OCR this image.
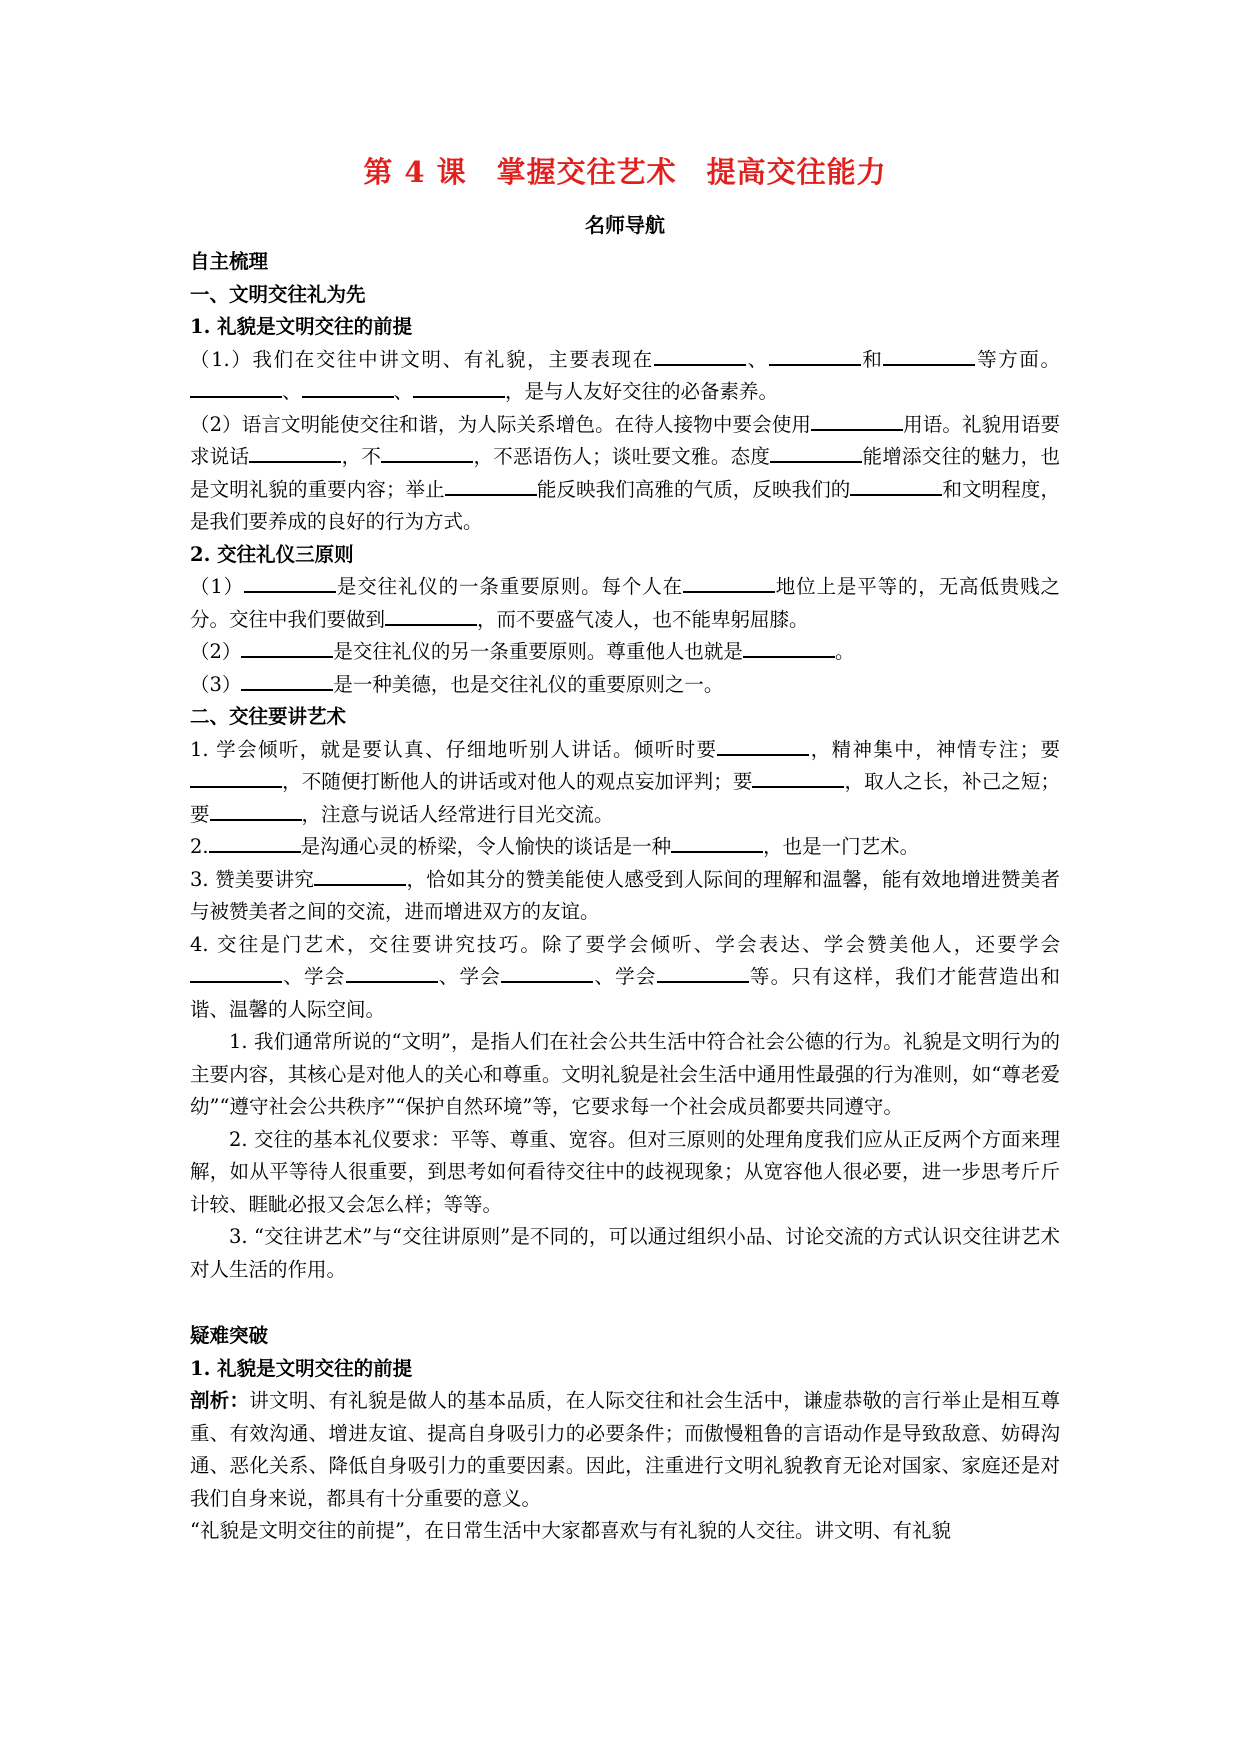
第 4 课　掌握交往艺术　提高交往能力
名师导航
自主梳理
一、文明交往礼为先
1. 礼貌是文明交往的前提

（1.）我们在交往中讲文明、有礼貌，主要表现在	、	和	等方面。、	、	，是与人友好交往的必备素养。

（2）语言文明能使交往和谐，为人际关系增色。在待人接物中要会使用	用语。礼貌用语要求说话	，不	，不恶语伤人；谈吐要文雅。态度	能增添交往的魅力，也是文明礼貌的重要内容；举止	能反映我们高雅的气质，反映我们的	和文明程度，是我们要养成的良好的行为方式。

2. 交往礼仪三原则

（1）	是交往礼仪的一条重要原则。每个人在	地位上是平等的，无高低贵贱之分。交往中我们要做到	，而不要盛气凌人，也不能卑躬屈膝。

（2）	是交往礼仪的另一条重要原则。尊重他人也就是	。

（3）	是一种美德，也是交往礼仪的重要原则之一。

二、交往要讲艺术

1. 学会倾听，就是要认真、仔细地听别人讲话。倾听时要	，精神集中，神情专注；要，不随便打断他人的讲话或对他人的观点妄加评判；要	，取人之长，补己之短；要	，注意与说话人经常进行目光交流。

2.	是沟通心灵的桥梁，令人愉快的谈话是一种	，也是一门艺术。

3. 赞美要讲究	，恰如其分的赞美能使人感受到人际间的理解和温馨，能有效地增进赞美者与被赞美者之间的交流，进而增进双方的友谊。

4. 交往是门艺术，交往要讲究技巧。除了要学会倾听、学会表达、学会赞美他人，还要学会、学会	、学会	、学会	等。只有这样，我们才能营造出和谐、温馨的人际空间。

1. 我们通常所说的“文明”，是指人们在社会公共生活中符合社会公德的行为。礼貌是文明行为的主要内容，其核心是对他人的关心和尊重。文明礼貌是社会生活中通用性最强的行为准则，如“尊老爱幼”“遵守社会公共秩序”“保护自然环境”等，它要求每一个社会成员都要共同遵守。

2. 交往的基本礼仪要求：平等、尊重、宽容。但对三原则的处理角度我们应从正反两个方面来理解，如从平等待人很重要，到思考如何看待交往中的歧视现象；从宽容他人很必要，进一步思考斤斤计较、睚眦必报又会怎么样；等等。

3. “交往讲艺术”与“交往讲原则”是不同的，可以通过组织小品、讨论交流的方式认识交往讲艺术对人生活的作用。

疑难突破
1. 礼貌是文明交往的前提

剖析：讲文明、有礼貌是做人的基本品质，在人际交往和社会生活中，谦虚恭敬的言行举止是相互尊重、有效沟通、增进友谊、提高自身吸引力的必要条件；而傲慢粗鲁的言语动作是导致敌意、妨碍沟通、恶化关系、降低自身吸引力的重要因素。因此，注重进行文明礼貌教育无论对国家、家庭还是对我们自身来说，都具有十分重要的意义。

“礼貌是文明交往的前提”，在日常生活中大家都喜欢与有礼貌的人交往。讲文明、有礼貌
